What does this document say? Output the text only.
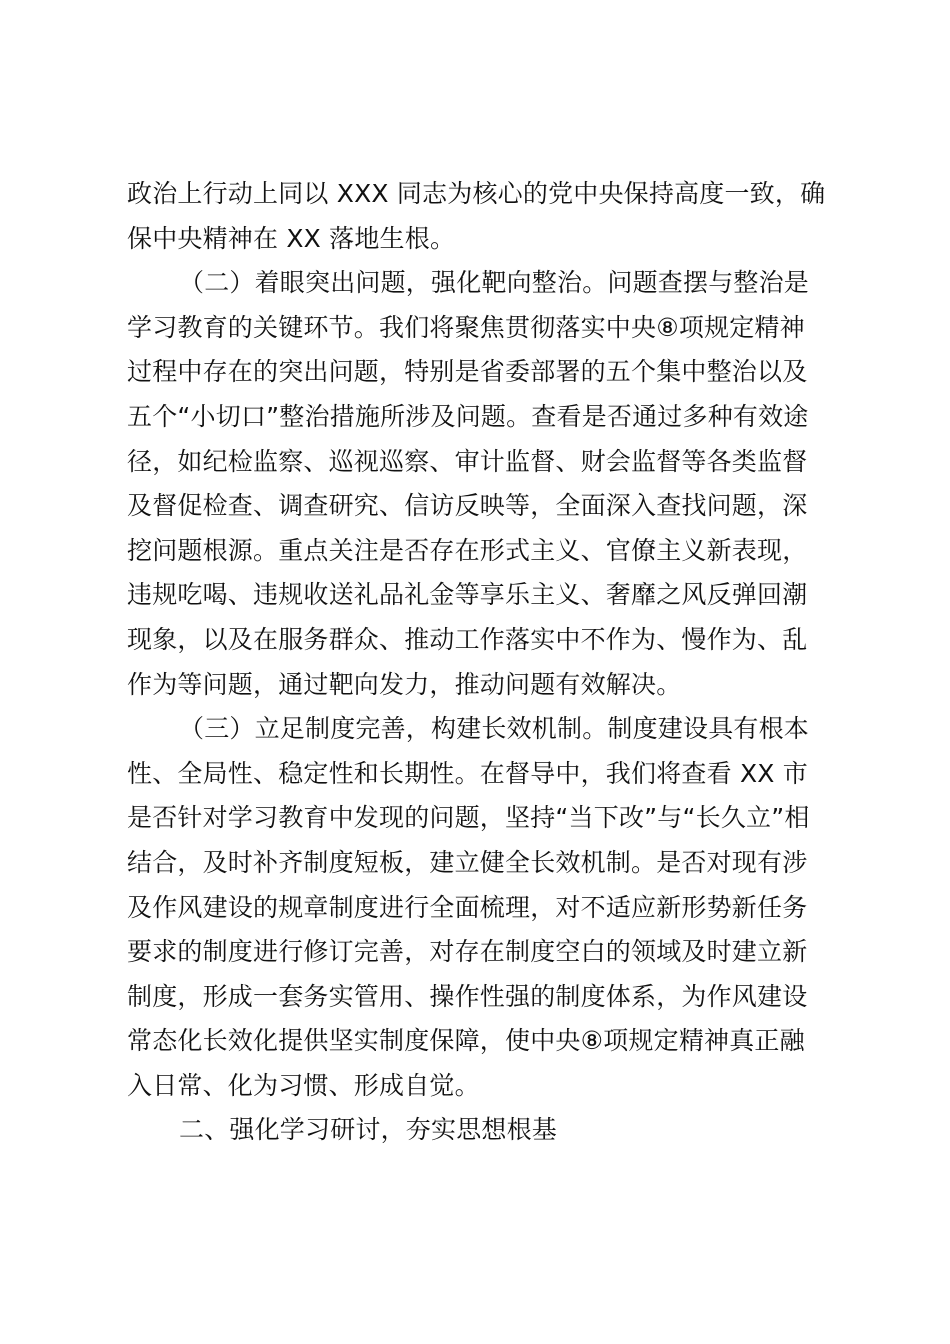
政治上行动上同以 XXX 同志为核心的党中央保持高度一致，确
保中央精神在 XX 落地生根。
（二）着眼突出问题，强化靶向整治。问题查摆与整治是
学习教育的关键环节。我们将聚焦贯彻落实中央⑧项规定精神
过程中存在的突出问题，特别是省委部署的五个集中整治以及
五个“小切口”整治措施所涉及问题。查看是否通过多种有效途
径，如纪检监察、巡视巡察、审计监督、财会监督等各类监督
及督促检查、调查研究、信访反映等，全面深入查找问题，深
挖问题根源。重点关注是否存在形式主义、官僚主义新表现，
违规吃喝、违规收送礼品礼金等享乐主义、奢靡之风反弹回潮
现象，以及在服务群众、推动工作落实中不作为、慢作为、乱
作为等问题，通过靶向发力，推动问题有效解决。
（三）立足制度完善，构建长效机制。制度建设具有根本
性、全局性、稳定性和长期性。在督导中，我们将查看 XX 市
是否针对学习教育中发现的问题，坚持“当下改”与“长久立”相
结合，及时补齐制度短板，建立健全长效机制。是否对现有涉
及作风建设的规章制度进行全面梳理，对不适应新形势新任务
要求的制度进行修订完善，对存在制度空白的领域及时建立新
制度，形成一套务实管用、操作性强的制度体系，为作风建设
常态化长效化提供坚实制度保障，使中央⑧项规定精神真正融
入日常、化为习惯、形成自觉。
二、强化学习研讨，夯实思想根基
